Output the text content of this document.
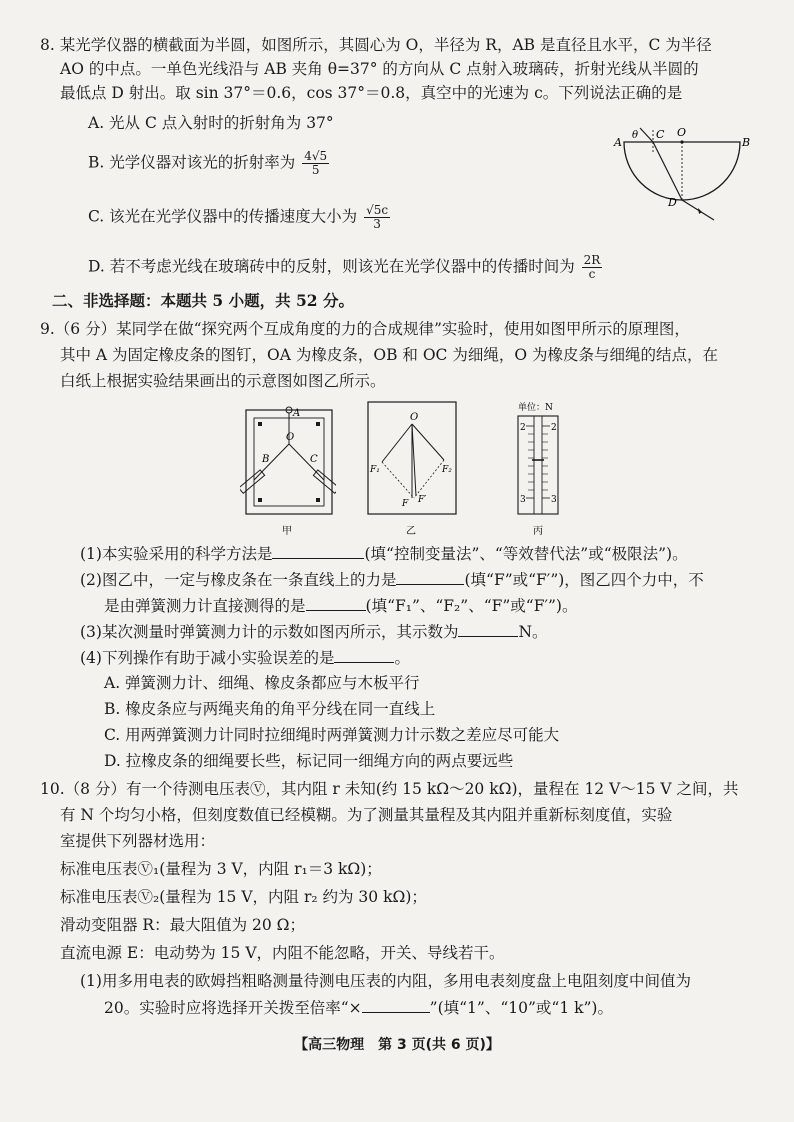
8. 某光学仪器的横截面为半圆，如图所示，其圆心为 O，半径为 R，AB 是直径且水平，C 为半径
AO 的中点。一单色光线沿与 AB 夹角 θ=37° 的方向从 C 点射入玻璃砖，折射光线从半圆的
最低点 D 射出。取 sin 37°＝0.6，cos 37°＝0.8，真空中的光速为 c。下列说法正确的是
A. 光从 C 点入射时的折射角为 37°
B. 光学仪器对该光的折射率为 $\frac{4√5}{5}$
C. 该光在光学仪器中的传播速度大小为 $\frac{√5c}{3}$
D. 若不考虑光线在玻璃砖中的反射，则该光在光学仪器中的传播时间为 $\frac{2R}{c}$
A
θ C O
B
D
二、非选择题：本题共 5 小题，共 52 分。
9.（6 分）某同学在做“探究两个互成角度的力的合成规律”实验时，使用如图甲所示的原理图，
其中 A 为固定橡皮条的图钉，OA 为橡皮条，OB 和 OC 为细绳，O 为橡皮条与细绳的结点，在
白纸上根据实验结果画出的示意图如图乙所示。
A
O
B	C
甲
O
F₁	F₂
F F′
乙
单位：N
2	2
3	3
丙
(1)本实验采用的科学方法是	(填“控制变量法”、“等效替代法”或“极限法”)。
(2)图乙中，一定与橡皮条在一条直线上的力是	(填“F”或“F′”)，图乙四个力中，不
是由弹簧测力计直接测得的是	(填“F₁”、“F₂”、“F”或“F′”)。
(3)某次测量时弹簧测力计的示数如图丙所示，其示数为	N。
(4)下列操作有助于减小实验误差的是	。
A. 弹簧测力计、细绳、橡皮条都应与木板平行
B. 橡皮条应与两绳夹角的角平分线在同一直线上
C. 用两弹簧测力计同时拉细绳时两弹簧测力计示数之差应尽可能大
D. 拉橡皮条的细绳要长些，标记同一细绳方向的两点要远些
10.（8 分）有一个待测电压表Ⓥ，其内阻 r 未知(约 15 kΩ～20 kΩ)，量程在 12 V～15 V 之间，共
有 N 个均匀小格，但刻度数值已经模糊。为了测量其量程及其内阻并重新标刻度值，实验
室提供下列器材选用：
标准电压表Ⓥ₁(量程为 3 V，内阻 r₁＝3 kΩ)；
标准电压表Ⓥ₂(量程为 15 V，内阻 r₂ 约为 30 kΩ)；
滑动变阻器 R：最大阻值为 20 Ω；
直流电源 E：电动势为 15 V，内阻不能忽略，开关、导线若干。
(1)用多用电表的欧姆挡粗略测量待测电压表的内阻，多用电表刻度盘上电阻刻度中间值为
20。实验时应将选择开关拨至倍率“×	”(填“1”、“10”或“1 k”)。
【高三物理　第 3 页(共 6 页)】
